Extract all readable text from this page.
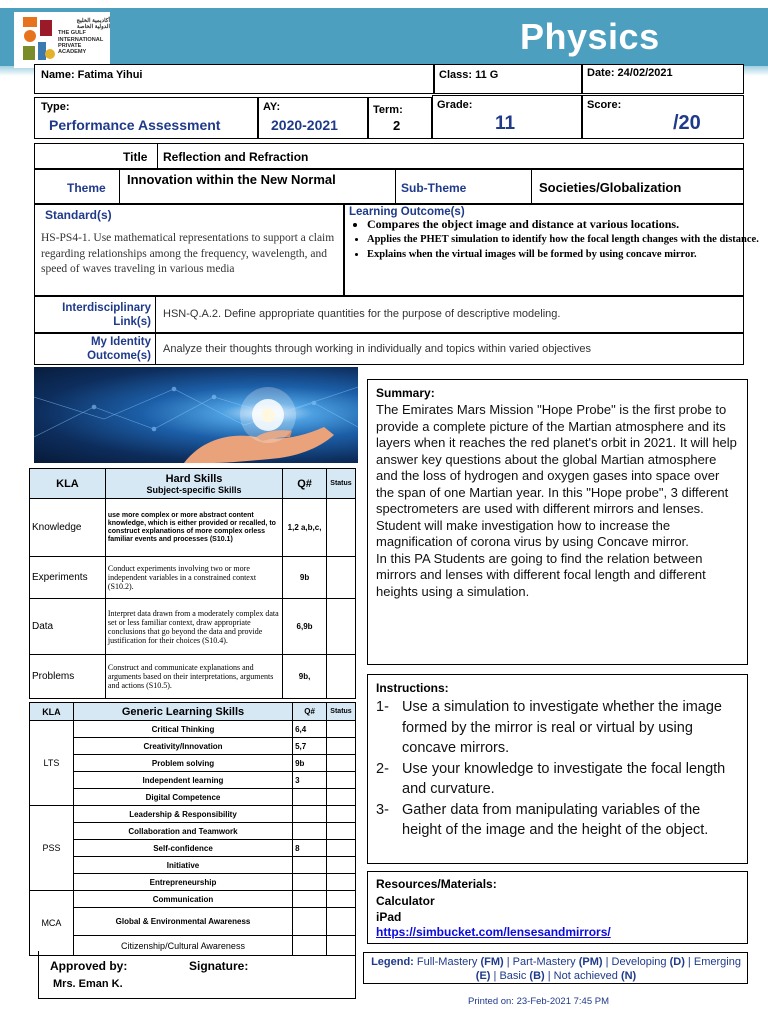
أكاديمية الخليج
الدولية الخاصة
THE GULF
INTERNATIONAL
PRIVATE ACADEMY	Physics
Name: Fatima Yihui	Class: 11 G	Date: 24/02/2021
Type:
Performance Assessment
AY:
2020-2021
Term:
2
Grade:
11
Score:
/20
Title Reflection and Refraction
Theme
Innovation within the New Normal
Sub-Theme	Societies/Globalization
Standard(s)
HS-PS4-1. Use mathematical representations to support a claim regarding relationships among the frequency, wavelength, and speed of waves traveling in various media
Learning Outcome(s)
• Compares the object image and distance at various locations.
• Applies the PHET simulation to identify how the focal length changes with the distance.
• Explains when the virtual images will be formed by using concave mirror.
Interdisciplinary
Link(s)
HSN-Q.A.2. Define appropriate quantities for the purpose of descriptive modeling.
My Identity
Outcome(s)
Analyze their thoughts through working in individually and topics within varied objectives
KLA	Hard Skills
Subject-specific Skills	Q#	Status
Knowledge	use more complex or more abstract content knowledge, which is either provided or recalled, to construct explanations of more complex orless familiar events and processes (S10.1)	1,2 a,b,c,	
Experiments	Conduct experiments involving two or more independent variables in a constrained context (S10.2).	9b	
Data	Interpret data drawn from a moderately complex data set or less familiar context, draw appropriate conclusions that go beyond the data and provide justification for their choices (S10.4).	6,9b	
Problems	Construct and communicate explanations and arguments based on their interpretations, arguments and actions (S10.5).	9b,	
KLA	Generic Learning Skills	Q#	Status
LTS	Critical Thinking	6,4	
	Creativity/Innovation	5,7	
	Problem solving	9b	
	Independent learning	3	
	Digital Competence		
PSS	Leadership & Responsibility		
	Collaboration and Teamwork		
	Self-confidence	8	
	Initiative		
	Entrepreneurship		
MCA	Communication		
	Global & Environmental Awareness		
	Citizenship/Cultural Awareness		
Approved by:	Signature:
Mrs. Eman K.
Summary:
The Emirates Mars Mission "Hope Probe" is the first probe to provide a complete picture of the Martian atmosphere and its layers when it reaches the red planet's orbit in 2021. It will help answer key questions about the global Martian atmosphere and the loss of hydrogen and oxygen gases into space over the span of one Martian year. In this "Hope probe", 3 different spectrometers are used with different mirrors and lenses.
Student will make investigation how to increase the magnification of corona virus by using Concave mirror.
In this PA Students are going to find the relation between mirrors and lenses with different focal length and different heights using a simulation.
Instructions:
1- Use a simulation to investigate whether the image formed by the mirror is real or virtual by using concave mirrors.
2- Use your knowledge to investigate the focal length and curvature.
3- Gather data from manipulating variables of the height of the image and the height of the object.
Resources/Materials:
Calculator
iPad
https://simbucket.com/lensesandmirrors/
Legend: Full-Mastery (FM) | Part-Mastery (PM) | Developing (D) | Emerging (E) | Basic (B) | Not achieved (N)
Printed on: 23-Feb-2021 7:45 PM
